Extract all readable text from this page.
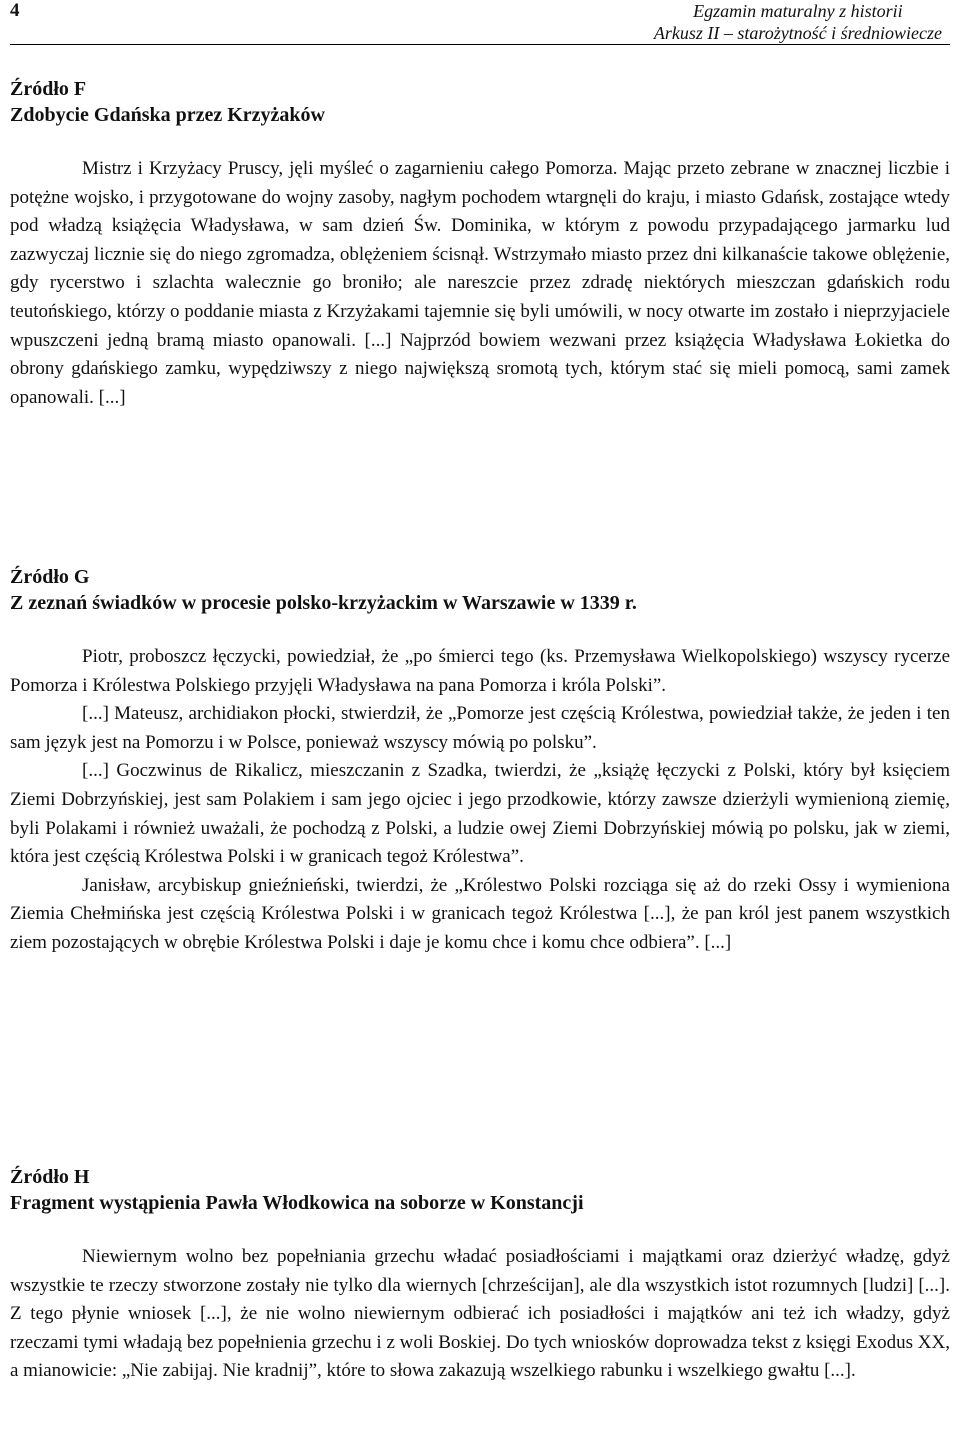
4	Egzamin maturalny z historii
Arkusz II – starożytność i średniowiecze

Źródło F

Zdobycie Gdańska przez Krzyżaków

Mistrz i Krzyżacy Pruscy, jęli myśleć o zagarnieniu całego Pomorza. Mając przeto zebrane w znacznej liczbie i potężne wojsko, i przygotowane do wojny zasoby, nagłym pochodem wtargnęli do kraju, i miasto Gdańsk, zostające wtedy pod władzą książęcia Władysława, w sam dzień Św. Dominika, w którym z powodu przypadającego jarmarku lud zazwyczaj licznie się do niego zgromadza, oblężeniem ścisnął. Wstrzymało miasto przez dni kilkanaście takowe oblężenie, gdy rycerstwo i szlachta walecznie go broniło; ale nareszcie przez zdradę niektórych mieszczan gdańskich rodu teutońskiego, którzy o poddanie miasta z Krzyżakami tajemnie się byli umówili, w nocy otwarte im zostało i nieprzyjaciele wpuszczeni jedną bramą miasto opanowali. [...] Najprzód bowiem wezwani przez książęcia Władysława Łokietka do obrony gdańskiego zamku, wypędziwszy z niego największą sromotą tych, którym stać się mieli pomocą, sami zamek opanowali. [...]

Źródło G

Z zeznań świadków w procesie polsko-krzyżackim w Warszawie w 1339 r.

Piotr, proboszcz łęczycki, powiedział, że „po śmierci tego (ks. Przemysława Wielkopolskiego) wszyscy rycerze Pomorza i Królestwa Polskiego przyjęli Władysława na pana Pomorza i króla Polski”.

[...] Mateusz, archidiakon płocki, stwierdził, że „Pomorze jest częścią Królestwa, powiedział także, że jeden i ten sam język jest na Pomorzu i w Polsce, ponieważ wszyscy mówią po polsku”.

[...] Goczwinus de Rikalicz, mieszczanin z Szadka, twierdzi, że „książę łęczycki z Polski, który był księciem Ziemi Dobrzyńskiej, jest sam Polakiem i sam jego ojciec i jego przodkowie, którzy zawsze dzierżyli wymienioną ziemię, byli Polakami i również uważali, że pochodzą z Polski, a ludzie owej Ziemi Dobrzyńskiej mówią po polsku, jak w ziemi, która jest częścią Królestwa Polski i w granicach tegoż Królestwa”.

Janisław, arcybiskup gnieźnieński, twierdzi, że „Królestwo Polski rozciąga się aż do rzeki Ossy i wymieniona Ziemia Chełmińska jest częścią Królestwa Polski i w granicach tegoż Królestwa [...], że pan król jest panem wszystkich ziem pozostających w obrębie Królestwa Polski i daje je komu chce i komu chce odbiera”. [...]

Źródło H

Fragment wystąpienia Pawła Włodkowica na soborze w Konstancji

Niewiernym wolno bez popełniania grzechu władać posiadłościami i majątkami oraz dzierżyć władzę, gdyż wszystkie te rzeczy stworzone zostały nie tylko dla wiernych [chrześcijan], ale dla wszystkich istot rozumnych [ludzi] [...]. Z tego płynie wniosek [...], że nie wolno niewiernym odbierać ich posiadłości i majątków ani też ich władzy, gdyż rzeczami tymi władają bez popełnienia grzechu i z woli Boskiej. Do tych wniosków doprowadza tekst z księgi Exodus XX, a mianowicie: „Nie zabijaj. Nie kradnij”, które to słowa zakazują wszelkiego rabunku i wszelkiego gwałtu [...].
